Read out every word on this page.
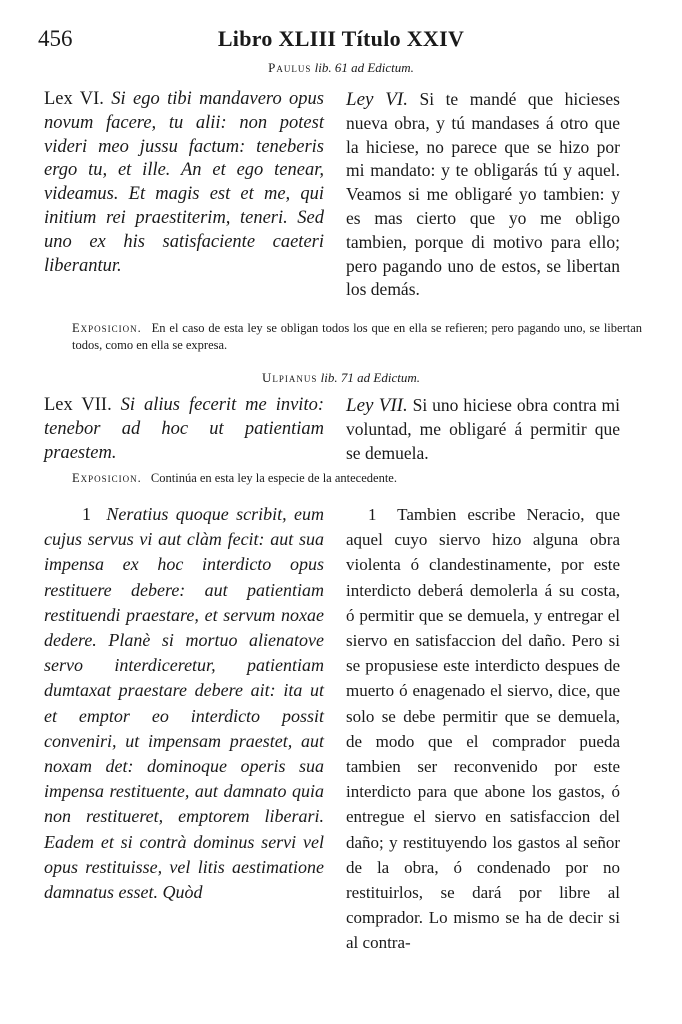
456	Libro XLIII Título XXIV
Paulus lib. 61 ad Edictum.

Lex VI. Si ego tibi mandavero opus novum facere, tu alii: non potest videri meo jussu factum: teneberis ergo tu, et ille. An et ego tenear, videamus. Et magis est et me, qui initium rei praestiterim, teneri. Sed uno ex his satisfaciente caeteri liberantur.

Ley VI. Si te mandé que hicieses nueva obra, y tú mandases á otro que la hiciese, no parece que se hizo por mi mandato: y te obligarás tú y aquel. Veamos si me obligaré yo tambien: y es mas cierto que yo me obligo tambien, porque di motivo para ello; pero pagando uno de estos, se libertan los demás.

Exposicion. En el caso de esta ley se obligan todos los que en ella se refieren; pero pagando uno, se libertan todos, como en ella se expresa.
Ulpianus lib. 71 ad Edictum.

Lex VII. Si alius fecerit me invito: tenebor ad hoc ut patientiam praestem.

Ley VII. Si uno hiciese obra contra mi voluntad, me obligaré á permitir que se demuela.

Exposicion. Continúa en esta ley la especie de la antecedente.

1 Neratius quoque scribit, eum cujus servus vi aut clàm fecit: aut sua impensa ex hoc interdicto opus restituere debere: aut patientiam restituendi praestare, et servum noxae dedere. Planè si mortuo alienatove servo interdiceretur, patientiam dumtaxat praestare debere ait: ita ut et emptor eo interdicto possit conveniri, ut impensam praestet, aut noxam det: dominoque operis sua impensa restituente, aut damnato quia non restitueret, emptorem liberari. Eadem et si contrà dominus servi vel opus restituisse, vel litis aestimatione damnatus esset. Quòd

1 Tambien escribe Neracio, que aquel cuyo siervo hizo alguna obra violenta ó clandestinamente, por este interdicto deberá demolerla á su costa, ó permitir que se demuela, y entregar el siervo en satisfaccion del daño. Pero si se propusiese este interdicto despues de muerto ó enagenado el siervo, dice, que solo se debe permitir que se demuela, de modo que el comprador pueda tambien ser reconvenido por este interdicto para que abone los gastos, ó entregue el siervo en satisfaccion del daño; y restituyendo los gastos al señor de la obra, ó condenado por no restituirlos, se dará por libre al comprador. Lo mismo se ha de decir si al contra-
